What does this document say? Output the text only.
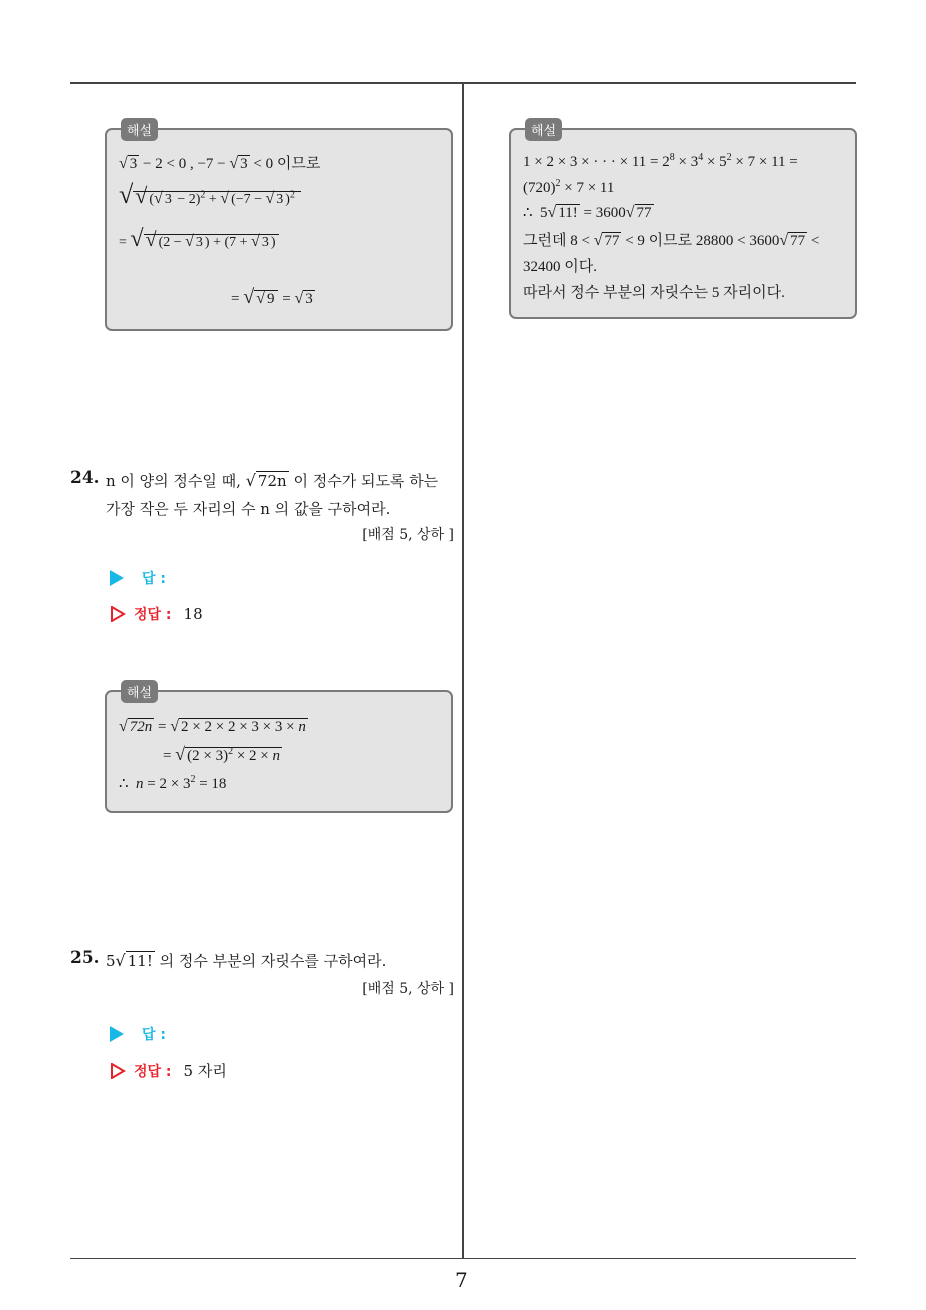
7
해설
√ 3 − 2 < 0 , −7 − √ 3 < 0 이므로
√√ (√ 3 − 2)$^2$ + √ (−7 − √ 3 )$^2$
= √ √ (2 − √ 3 ) + (7 + √ 3 )
= √ √ 9 = √ 3
24. n 이 양의 정수일 때, √ 72n 이 정수가 되도록 하는
가장 작은 두 자리의 수 n 의 값을 구하여라.
[배점 5, 상하 ]
답 :
정답 : 18
해설
√ 72n = √ 2 × 2 × 2 × 3 × 3 × n
= √ $(2 \times 3)^2 \times 2 \times n$
∴  $n = 2 \times 3^2 = 18$
25. 5√ 11! 의 정수 부분의 자릿수를 구하여라.
[배점 5, 상하 ]
답 :
정답 : 5 자리
해설
1 × 2 × 3 × · · · × $11 = 2^8 \times 3^4 \times 5^2 \times 7 \times 11$ =
$(720)^2 \times 7 \times 11$
∴  5√ 11! = 3600√ 77
그런데 8 < √ 77 < 9 이므로 28800 < 3600√ 77 <
32400 이다.
따라서 정수 부분의 자릿수는 5 자리이다.
